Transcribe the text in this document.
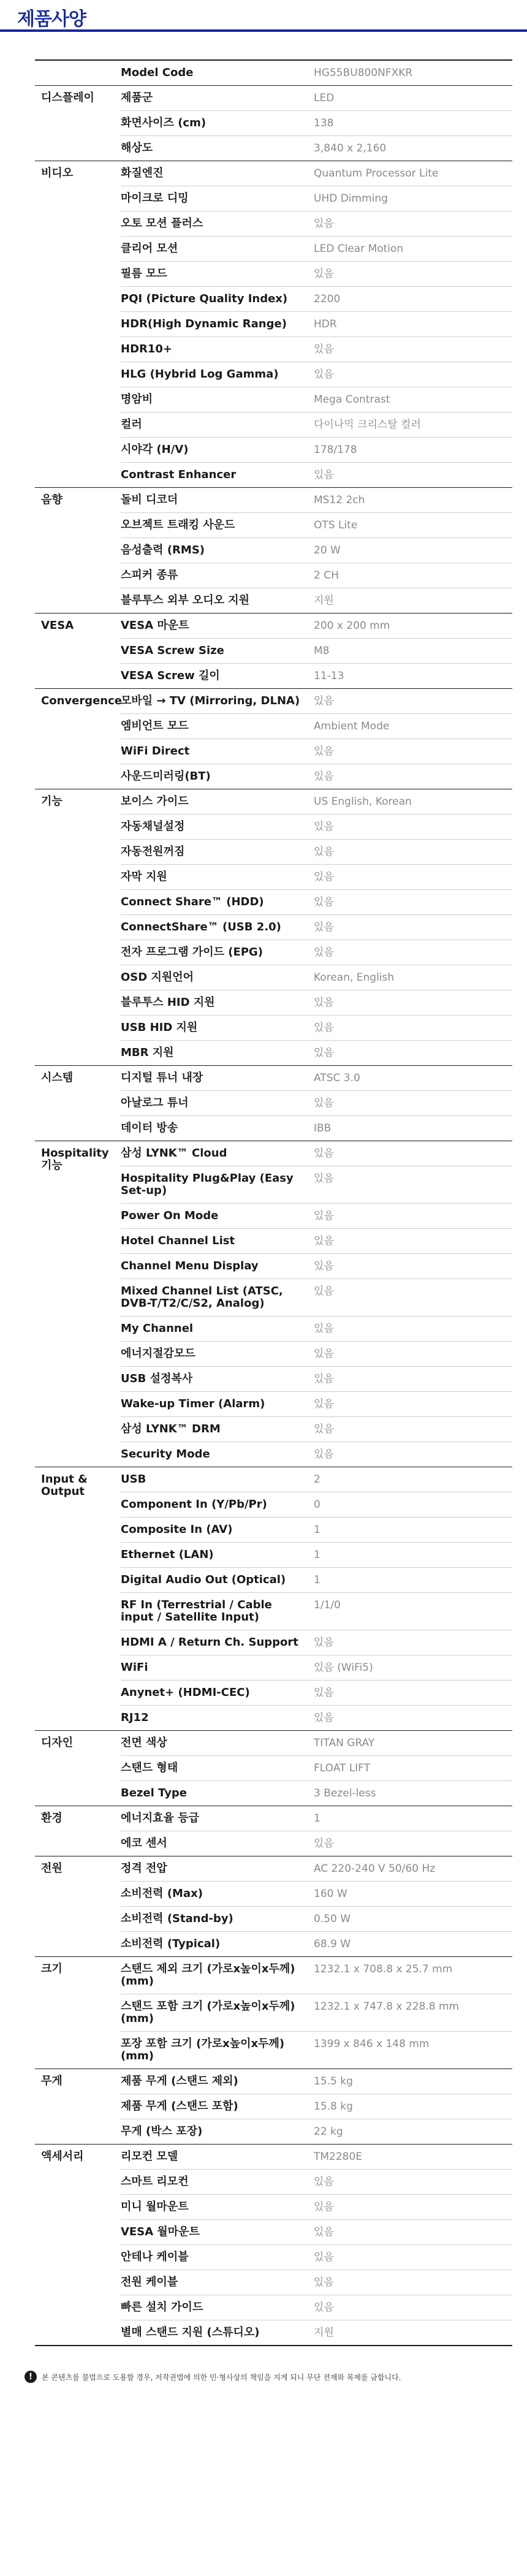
제품사양
	Model Code	HG55BU800NFXKR
디스플레이	제품군	LED
	화면사이즈 (cm)	138
	해상도	3,840 x 2,160
비디오	화질엔진	Quantum Processor Lite
	마이크로 디밍	UHD Dimming
	오토 모션 플러스	있음
	클리어 모션	LED Clear Motion
	필름 모드	있음
	PQI (Picture Quality Index)	2200
	HDR(High Dynamic Range)	HDR
	HDR10+	있음
	HLG (Hybrid Log Gamma)	있음
	명암비	Mega Contrast
	컬러	다이나믹 크리스탈 컬러
	시야각 (H/V)	178/178
	Contrast Enhancer	있음
음향	돌비 디코더	MS12 2ch
	오브젝트 트래킹 사운드	OTS Lite
	음성출력 (RMS)	20 W
	스피커 종류	2 CH
	블루투스 외부 오디오 지원	지원
VESA	VESA 마운트	200 x 200 mm
	VESA Screw Size	M8
	VESA Screw 길이	11-13
Convergence	모바일 → TV (Mirroring, DLNA)	있음
	엠비언트 모드	Ambient Mode
	WiFi Direct	있음
	사운드미러링(BT)	있음
기능	보이스 가이드	US English, Korean
	자동채널설정	있음
	자동전원꺼짐	있음
	자막 지원	있음
	Connect Share™ (HDD)	있음
	ConnectShare™ (USB 2.0)	있음
	전자 프로그램 가이드 (EPG)	있음
	OSD 지원언어	Korean, English
	블루투스 HID 지원	있음
	USB HID 지원	있음
	MBR 지원	있음
시스템	디지털 튜너 내장	ATSC 3.0
	아날로그 튜너	있음
	데이터 방송	IBB
Hospitality 기능	삼성 LYNK™ Cloud	있음
	Hospitality Plug&Play (Easy Set-up)	있음
	Power On Mode	있음
	Hotel Channel List	있음
	Channel Menu Display	있음
	Mixed Channel List (ATSC, DVB-T/T2/C/S2, Analog)	있음
	My Channel	있음
	에너지절감모드	있음
	USB 설정복사	있음
	Wake-up Timer (Alarm)	있음
	삼성 LYNK™ DRM	있음
	Security Mode	있음
Input & Output	USB	2
	Component In (Y/Pb/Pr)	0
	Composite In (AV)	1
	Ethernet (LAN)	1
	Digital Audio Out (Optical)	1
	RF In (Terrestrial / Cable input / Satellite Input)	1/1/0
	HDMI A / Return Ch. Support	있음
	WiFi	있음 (WiFi5)
	Anynet+ (HDMI-CEC)	있음
	RJ12	있음
디자인	전면 색상	TITAN GRAY
	스탠드 형태	FLOAT LIFT
	Bezel Type	3 Bezel-less
환경	에너지효율 등급	1
	에코 센서	있음
전원	정격 전압	AC 220-240 V 50/60 Hz
	소비전력 (Max)	160 W
	소비전력 (Stand-by)	0.50 W
	소비전력 (Typical)	68.9 W
크기	스탠드 제외 크기 (가로x높이x두께) (mm)	1232.1 x 708.8 x 25.7 mm
	스탠드 포함 크기 (가로x높이x두께) (mm)	1232.1 x 747.8 x 228.8 mm
	포장 포함 크기 (가로x높이x두께) (mm)	1399 x 846 x 148 mm
무게	제품 무게 (스탠드 제외)	15.5 kg
	제품 무게 (스탠드 포함)	15.8 kg
	무게 (박스 포장)	22 kg
액세서리	리모컨 모델	TM2280E
	스마트 리모컨	있음
	미니 월마운트	있음
	VESA 월마운트	있음
	안테나 케이블	있음
	전원 케이블	있음
	빠른 설치 가이드	있음
	별매 스탠드 지원 (스튜디오)	지원
!	본 콘텐츠를 불법으로 도용할 경우, 저작권법에 의한 민·형사상의 책임을 지게 되니 무단 전재와 복제를 금합니다.
